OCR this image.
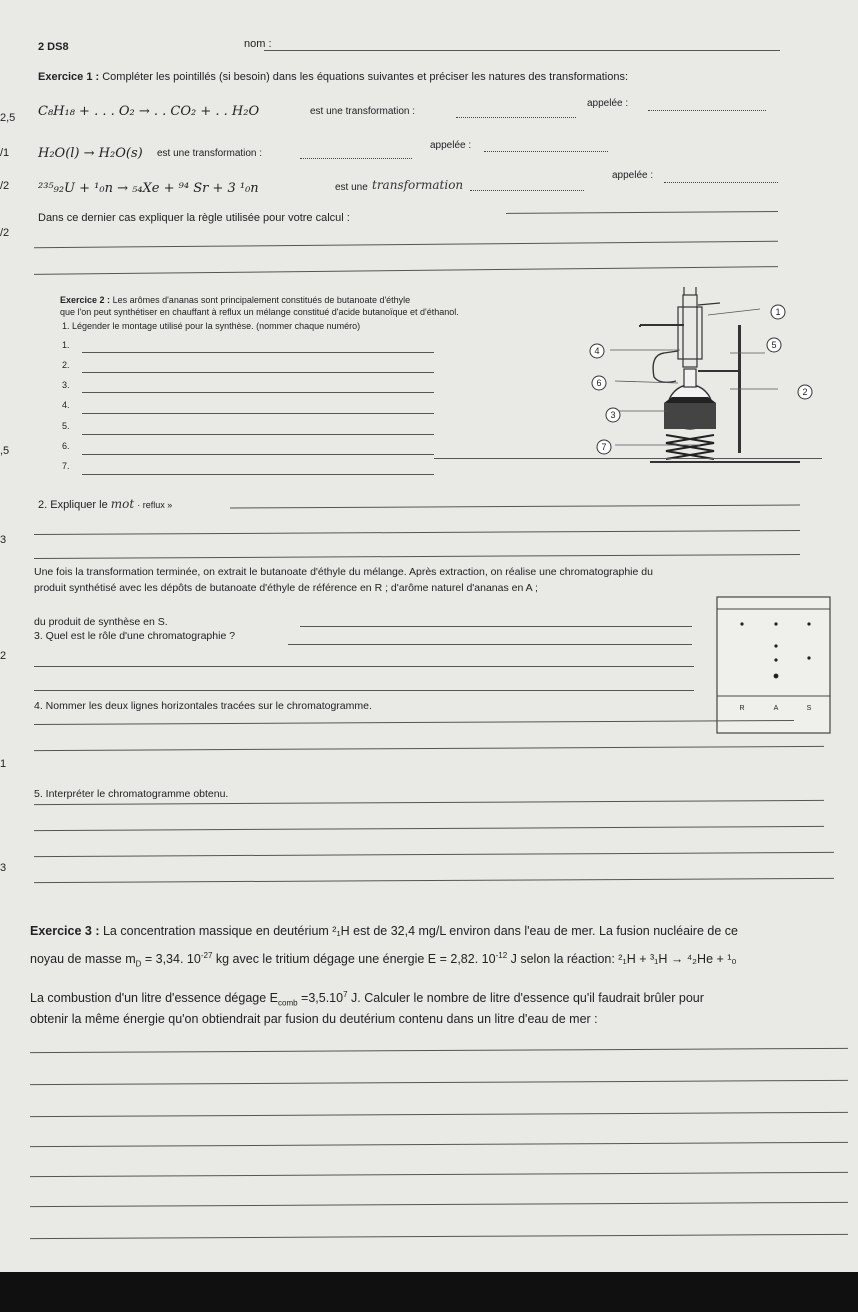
2 DS8	nom :
2,5
/1
/2
/2
,5
3
2
1
3
Exercice 1 : Compléter les pointillés (si besoin) dans les équations suivantes et préciser les natures des transformations:
C₈H₁₈ + . . . O₂ → . . CO₂ + . . H₂O	est une transformation :
appelée :
H₂O(l) → H₂O(s) est une transformation :
appelée :
²³⁵₉₂U + ¹₀n → ₅₄Xe + ⁹⁴ Sr + 3 ¹₀n	est une transformation
appelée :
Dans ce dernier cas expliquer la règle utilisée pour votre calcul :
Exercice 2 : Les arômes d'ananas sont principalement constitués de butanoate d'éthyle
que l'on peut synthétiser en chauffant à reflux un mélange constitué d'acide butanoïque et d'éthanol.
1. Légender le montage utilisé pour la synthèse. (nommer chaque numéro)
1.
2.
3.
4.
5.
6.
7.
1
2
3
4
5
6
7
2. Expliquer le mot · reflux »
Une fois la transformation terminée, on extrait le butanoate d'éthyle du mélange. Après extraction, on réalise une chromatographie du
produit synthétisé avec les dépôts de butanoate d'éthyle de référence en R ; d'arôme naturel d'ananas en A ;
du produit de synthèse en S.
3. Quel est le rôle d'une chromatographie ?
R	A	S
4. Nommer les deux lignes horizontales tracées sur le chromatogramme.
5. Interpréter le chromatogramme obtenu.
Exercice 3 : La concentration massique en deutérium ²₁H est de 32,4 mg/L environ dans l'eau de mer. La fusion nucléaire de ce
noyau de masse $m_D = 3,34$. $10^{-27}$ kg avec le tritium dégage une énergie E = 2,82. $10^{-12}$ J selon la réaction: ²₁H + ³₁H → ⁴₂He + ¹₀
La combustion d'un litre d'essence dégage $E_{comb} =3,5.10^7$ J. Calculer le nombre de litre d'essence qu'il faudrait brûler pour
obtenir la même énergie qu'on obtiendrait par fusion du deutérium contenu dans un litre d'eau de mer :
